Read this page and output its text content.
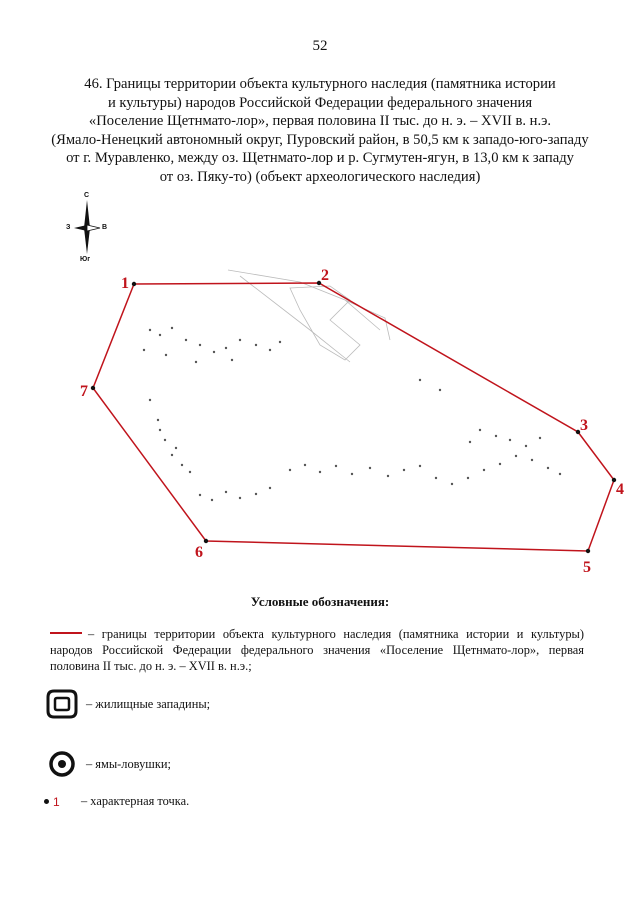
52
46. Границы территории объекта культурного наследия (памятника истории
и культуры) народов Российской Федерации федерального значения
«Поселение Щетнмато-лор», первая половина II тыс. до н. э. – XVII в. н.э.
(Ямало-Ненецкий автономный округ, Пуровский район, в 50,5 км к западо-юго-западу
от г. Муравленко, между оз. Щетнмато-лор и р. Сугмутен-ягун, в 13,0 км к западу
от оз. Пяку-то) (объект археологического наследия)
С
З	В
Юг
1	2
3
4
5
6
7
Условные обозначения:
– границы территории объекта культурного наследия (памятника истории и культуры) народов Российской Федерации федерального значения «Поселение Щетнмато-лор», первая половина II тыс. до н. э. – XVII в. н.э.;
– жилищные западины;
– ямы-ловушки;
1	– характерная точка.
